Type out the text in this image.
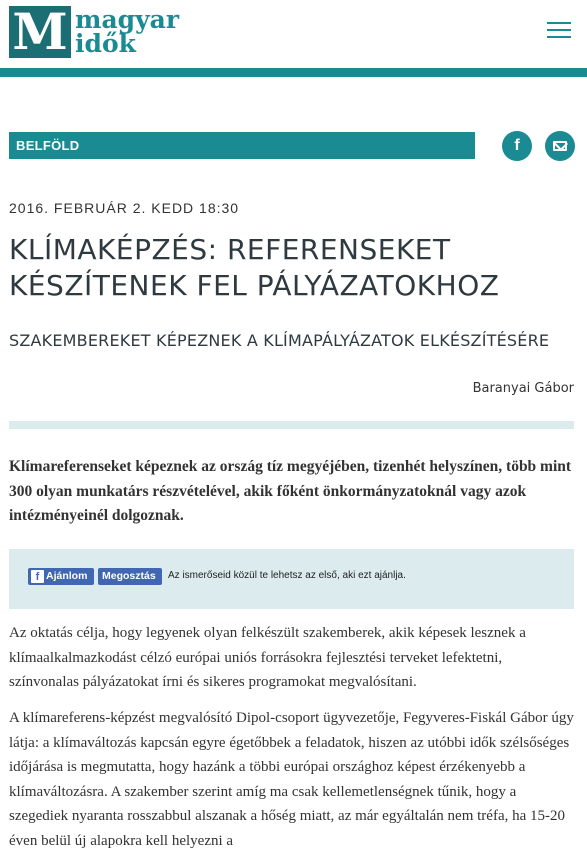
M magyar
idők
BELFÖLD	f
2016. FEBRUÁR 2. KEDD 18:30
KLÍMAKÉPZÉS: REFERENSEKET KÉSZÍTENEK FEL PÁLYÁZATOKHOZ
SZAKEMBEREKET KÉPEZNEK A KLÍMAPÁLYÁZATOK ELKÉSZÍTÉSÉRE
Baranyai Gábor

Klímareferenseket képeznek az ország tíz megyéjében, tizenhét helyszínen, több mint 300 olyan munkatárs részvételével, akik főként önkormányzatoknál vagy azok intézményeinél dolgoznak.

f Ajánlom	Megosztás	Az ismerőseid közül te lehetsz az első, aki ezt ajánlja.

Az oktatás célja, hogy legyenek olyan felkészült szakemberek, akik képesek lesznek a klímaalkalmazkodást célzó európai uniós forrásokra fejlesztési terveket lefektetni, színvonalas pályázatokat írni és sikeres programokat megvalósítani.

A klímareferens-képzést megvalósító Dipol-csoport ügyvezetője, Fegyveres-Fiskál Gábor úgy látja: a klímaváltozás kapcsán egyre égetőbbek a feladatok, hiszen az utóbbi idők szélsőséges időjárása is megmutatta, hogy hazánk a többi európai országhoz képest érzékenyebb a klímaváltozásra. A szakember szerint amíg ma csak kellemetlenségnek tűnik, hogy a szegediek nyaranta rosszabbul alszanak a hőség miatt, az már egyáltalán nem tréfa, ha 15-20 éven belül új alapokra kell helyezni a
